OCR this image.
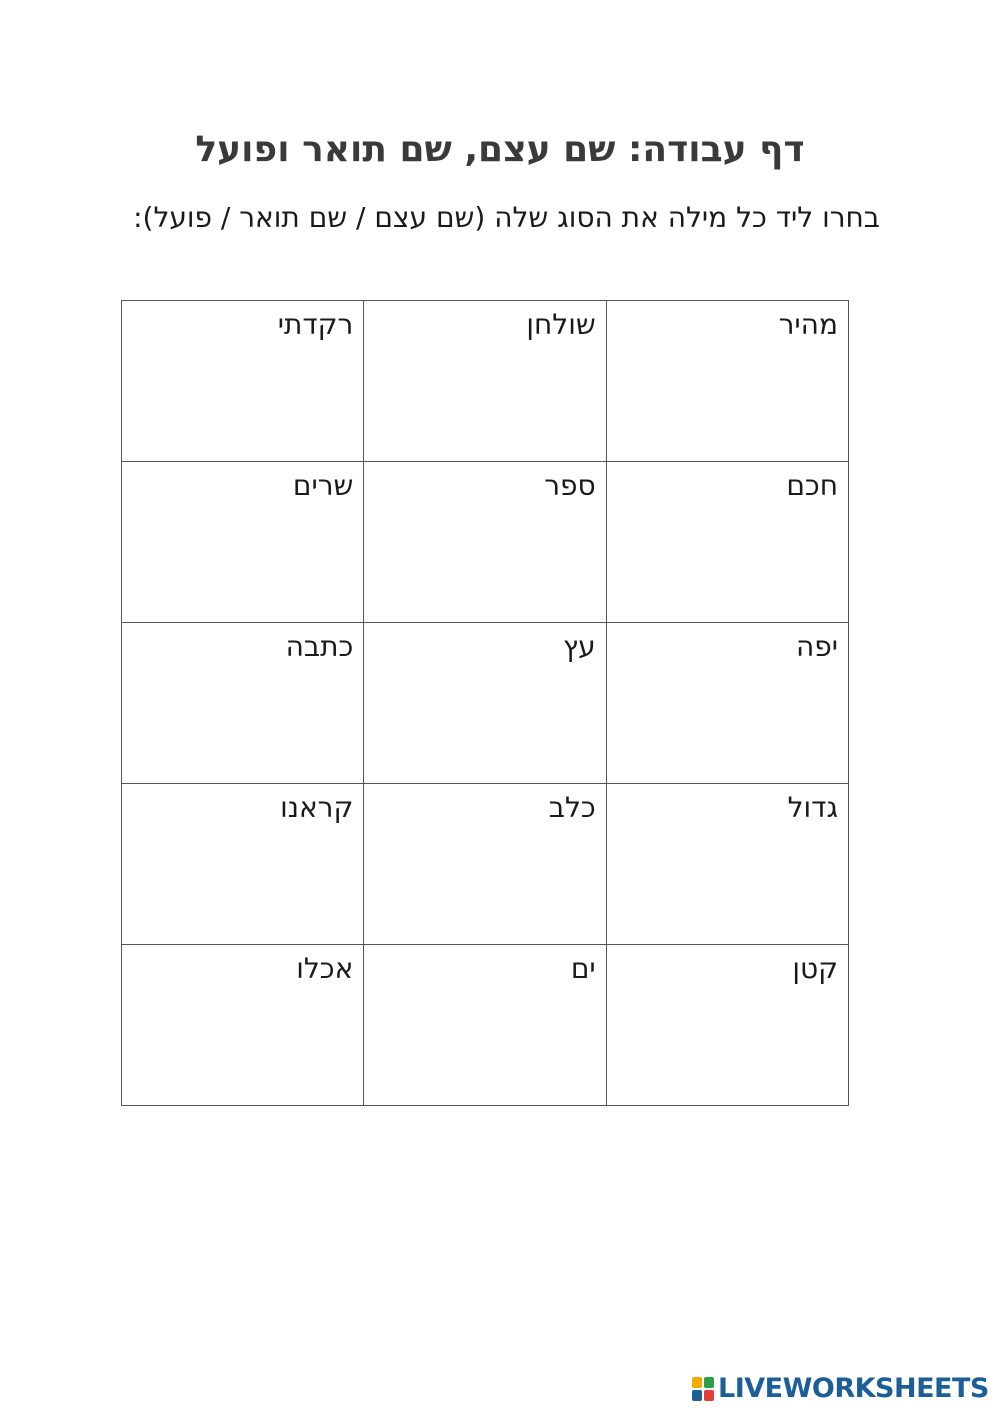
דף עבודה: שם עצם, שם תואר ופועל

בחרו ליד כל מילה את הסוג שלה (שם עצם / שם תואר / פועל):

מהיר	שולחן	רקדתי
חכם	ספר	שרים
יפה	עץ	כתבה
גדול	כלב	קראנו
קטן	ים	אכלו
LIVEWORKSHEETS
